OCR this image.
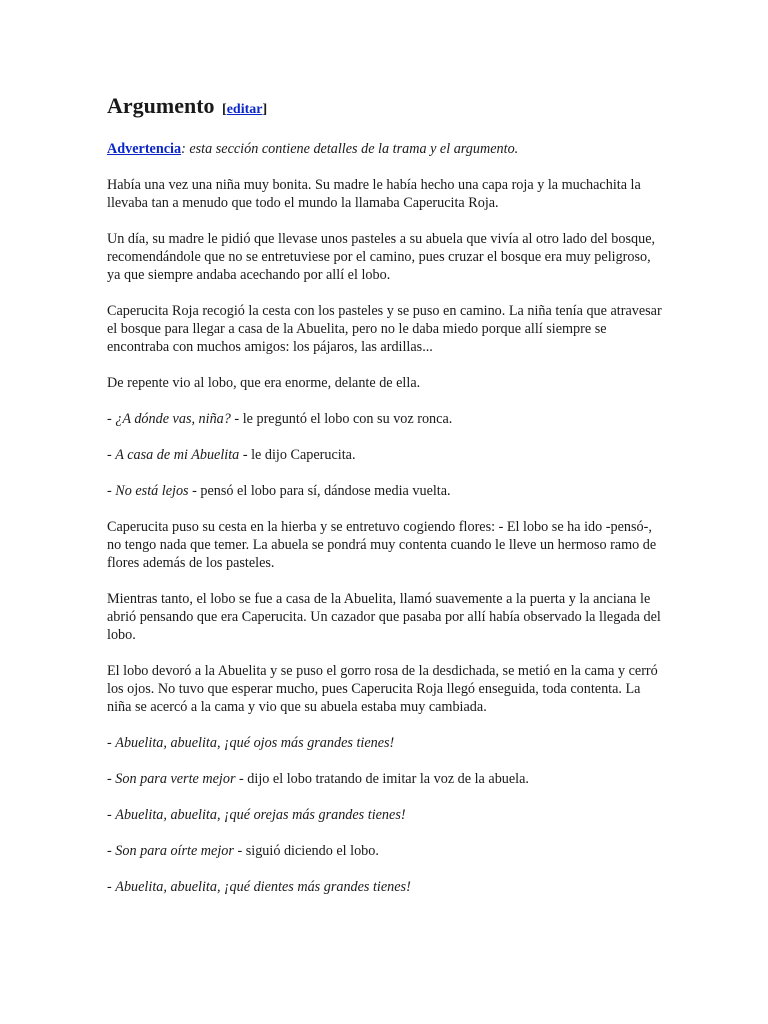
Argumento [editar]

Advertencia: esta sección contiene detalles de la trama y el argumento.

Había una vez una niña muy bonita. Su madre le había hecho una capa roja y la muchachita la llevaba tan a menudo que todo el mundo la llamaba Caperucita Roja.

Un día, su madre le pidió que llevase unos pasteles a su abuela que vivía al otro lado del bosque, recomendándole que no se entretuviese por el camino, pues cruzar el bosque era muy peligroso, ya que siempre andaba acechando por allí el lobo.

Caperucita Roja recogió la cesta con los pasteles y se puso en camino. La niña tenía que atravesar el bosque para llegar a casa de la Abuelita, pero no le daba miedo porque allí siempre se encontraba con muchos amigos: los pájaros, las ardillas...

De repente vio al lobo, que era enorme, delante de ella.

- ¿A dónde vas, niña? - le preguntó el lobo con su voz ronca.

- A casa de mi Abuelita - le dijo Caperucita.

- No está lejos - pensó el lobo para sí, dándose media vuelta.

Caperucita puso su cesta en la hierba y se entretuvo cogiendo flores: - El lobo se ha ido -pensó-, no tengo nada que temer. La abuela se pondrá muy contenta cuando le lleve un hermoso ramo de flores además de los pasteles.

Mientras tanto, el lobo se fue a casa de la Abuelita, llamó suavemente a la puerta y la anciana le abrió pensando que era Caperucita. Un cazador que pasaba por allí había observado la llegada del lobo.

El lobo devoró a la Abuelita y se puso el gorro rosa de la desdichada, se metió en la cama y cerró los ojos. No tuvo que esperar mucho, pues Caperucita Roja llegó enseguida, toda contenta. La niña se acercó a la cama y vio que su abuela estaba muy cambiada.

- Abuelita, abuelita, ¡qué ojos más grandes tienes!

- Son para verte mejor - dijo el lobo tratando de imitar la voz de la abuela.

- Abuelita, abuelita, ¡qué orejas más grandes tienes!

- Son para oírte mejor - siguió diciendo el lobo.

- Abuelita, abuelita, ¡qué dientes más grandes tienes!
